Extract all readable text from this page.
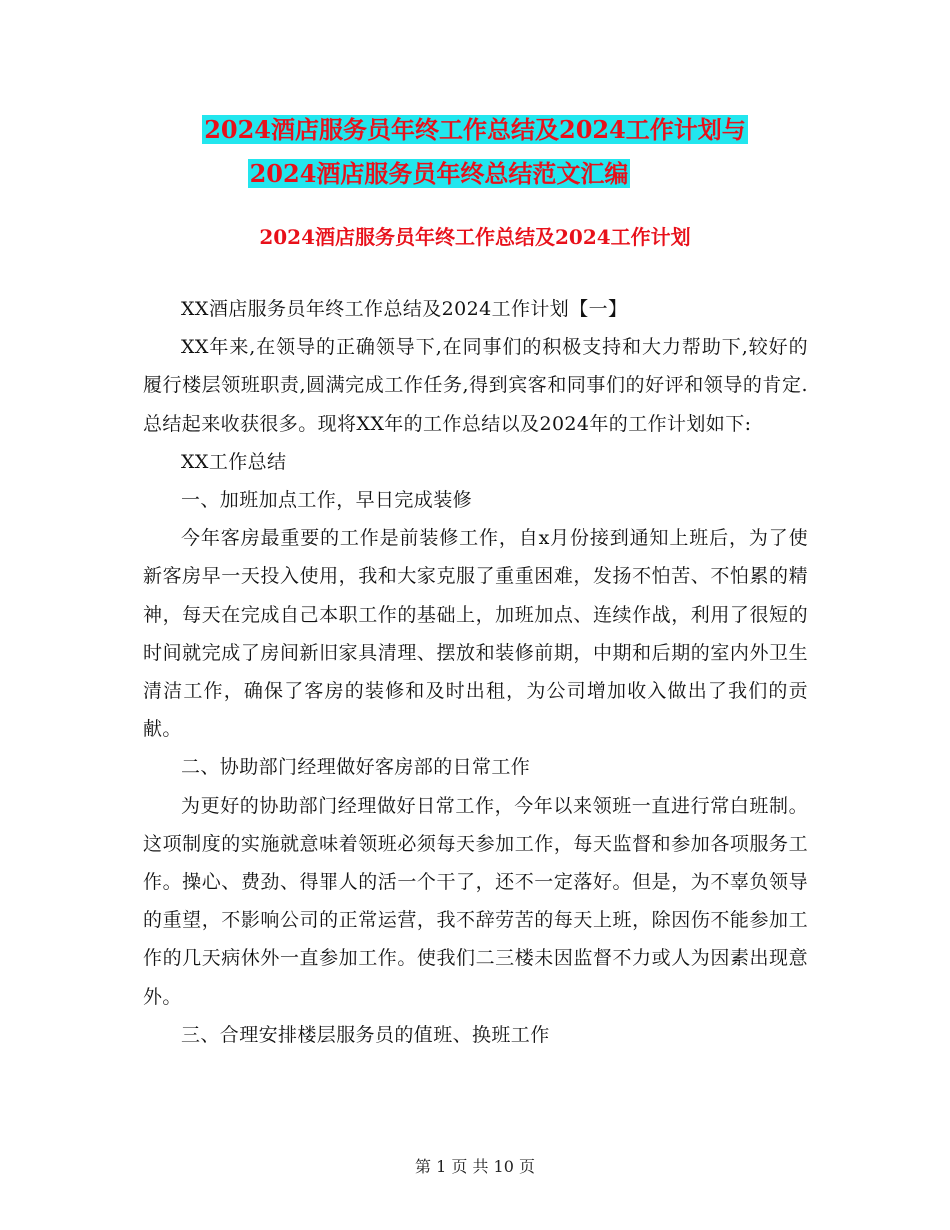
2024酒店服务员年终工作总结及2024工作计划与
2024酒店服务员年终总结范文汇编
2024酒店服务员年终工作总结及2024工作计划

XX酒店服务员年终工作总结及2024工作计划【一】

XX年来,在领导的正确领导下,在同事们的积极支持和大力帮助下,较好的履行楼层领班职责,圆满完成工作任务,得到宾客和同事们的好评和领导的肯定.总结起来收获很多。现将XX年的工作总结以及2024年的工作计划如下:

XX工作总结

一、加班加点工作，早日完成装修

今年客房最重要的工作是前装修工作，自x月份接到通知上班后，为了使新客房早一天投入使用，我和大家克服了重重困难，发扬不怕苦、不怕累的精神，每天在完成自己本职工作的基础上，加班加点、连续作战，利用了很短的时间就完成了房间新旧家具清理、摆放和装修前期，中期和后期的室内外卫生清洁工作，确保了客房的装修和及时出租，为公司增加收入做出了我们的贡献。

二、协助部门经理做好客房部的日常工作

为更好的协助部门经理做好日常工作，今年以来领班一直进行常白班制。这项制度的实施就意味着领班必须每天参加工作，每天监督和参加各项服务工作。操心、费劲、得罪人的活一个干了，还不一定落好。但是，为不辜负领导的重望，不影响公司的正常运营，我不辞劳苦的每天上班，除因伤不能参加工作的几天病休外一直参加工作。使我们二三楼未因监督不力或人为因素出现意外。

三、合理安排楼层服务员的值班、换班工作

第 1 页 共 10 页
